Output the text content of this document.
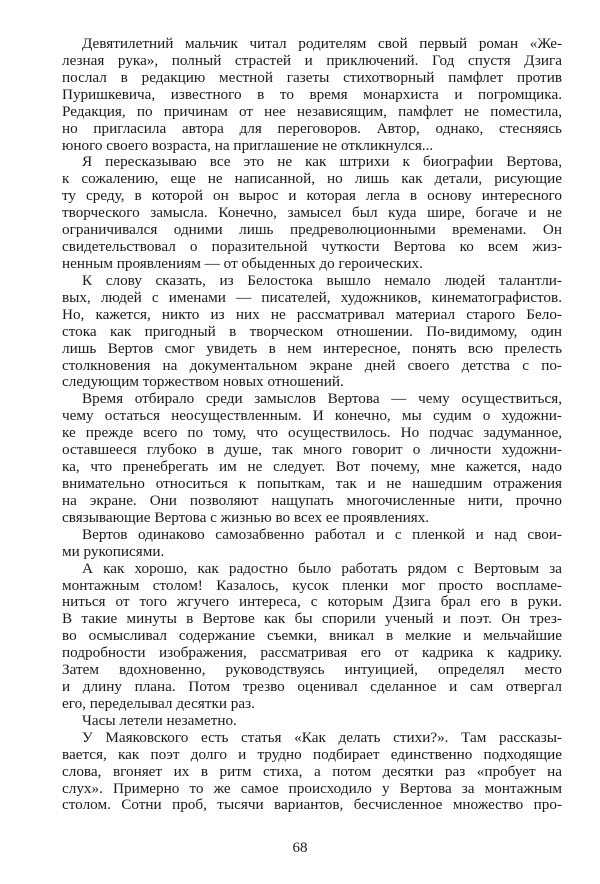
Девятилетний мальчик читал родителям свой первый роман «Же-
лезная рука», полный страстей и приключений. Год спустя Дзига
послал в редакцию местной газеты стихотворный памфлет против
Пуришкевича, известного в то время монархиста и погромщика.
Редакция, по причинам от нее независящим, памфлет не поместила,
но пригласила автора для переговоров. Автор, однако, стесняясь
юного своего возраста, на приглашение не откликнулся...
Я пересказываю все это не как штрихи к биографии Вертова,
к сожалению, еще не написанной, но лишь как детали, рисующие
ту среду, в которой он вырос и которая легла в основу интересного
творческого замысла. Конечно, замысел был куда шире, богаче и не
ограничивался одними лишь предреволюционными временами. Он
свидетельствовал о поразительной чуткости Вертова ко всем жиз-
ненным проявлениям — от обыденных до героических.
К слову сказать, из Белостока вышло немало людей талантли-
вых, людей с именами — писателей, художников, кинематографистов.
Но, кажется, никто из них не рассматривал материал старого Бело-
стока как пригодный в творческом отношении. По-видимому, один
лишь Вертов смог увидеть в нем интересное, понять всю прелесть
столкновения на документальном экране дней своего детства с по-
следующим торжеством новых отношений.
Время отбирало среди замыслов Вертова — чему осуществиться,
чему остаться неосуществленным. И конечно, мы судим о художни-
ке прежде всего по тому, что осуществилось. Но подчас задуманное,
оставшееся глубоко в душе, так много говорит о личности художни-
ка, что пренебрегать им не следует. Вот почему, мне кажется, надо
внимательно относиться к попыткам, так и не нашедшим отражения
на экране. Они позволяют нащупать многочисленные нити, прочно
связывающие Вертова с жизнью во всех ее проявлениях.
Вертов одинаково самозабвенно работал и с пленкой и над свои-
ми рукописями.
А как хорошо, как радостно было работать рядом с Вертовым за
монтажным столом! Казалось, кусок пленки мог просто воспламе-
ниться от того жгучего интереса, с которым Дзига брал его в руки.
В такие минуты в Вертове как бы спорили ученый и поэт. Он трез-
во осмысливал содержание съемки, вникал в мелкие и мельчайшие
подробности изображения, рассматривая его от кадрика к кадрику.
Затем вдохновенно, руководствуясь интуицией, определял место
и длину плана. Потом трезво оценивал сделанное и сам отвергал
его, переделывал десятки раз.
Часы летели незаметно.
У Маяковского есть статья «Как делать стихи?». Там рассказы-
вается, как поэт долго и трудно подбирает единственно подходящие
слова, вгоняет их в ритм стиха, а потом десятки раз «пробует на
слух». Примерно то же самое происходило у Вертова за монтажным
столом. Сотни проб, тысячи вариантов, бесчисленное множество про-
68
